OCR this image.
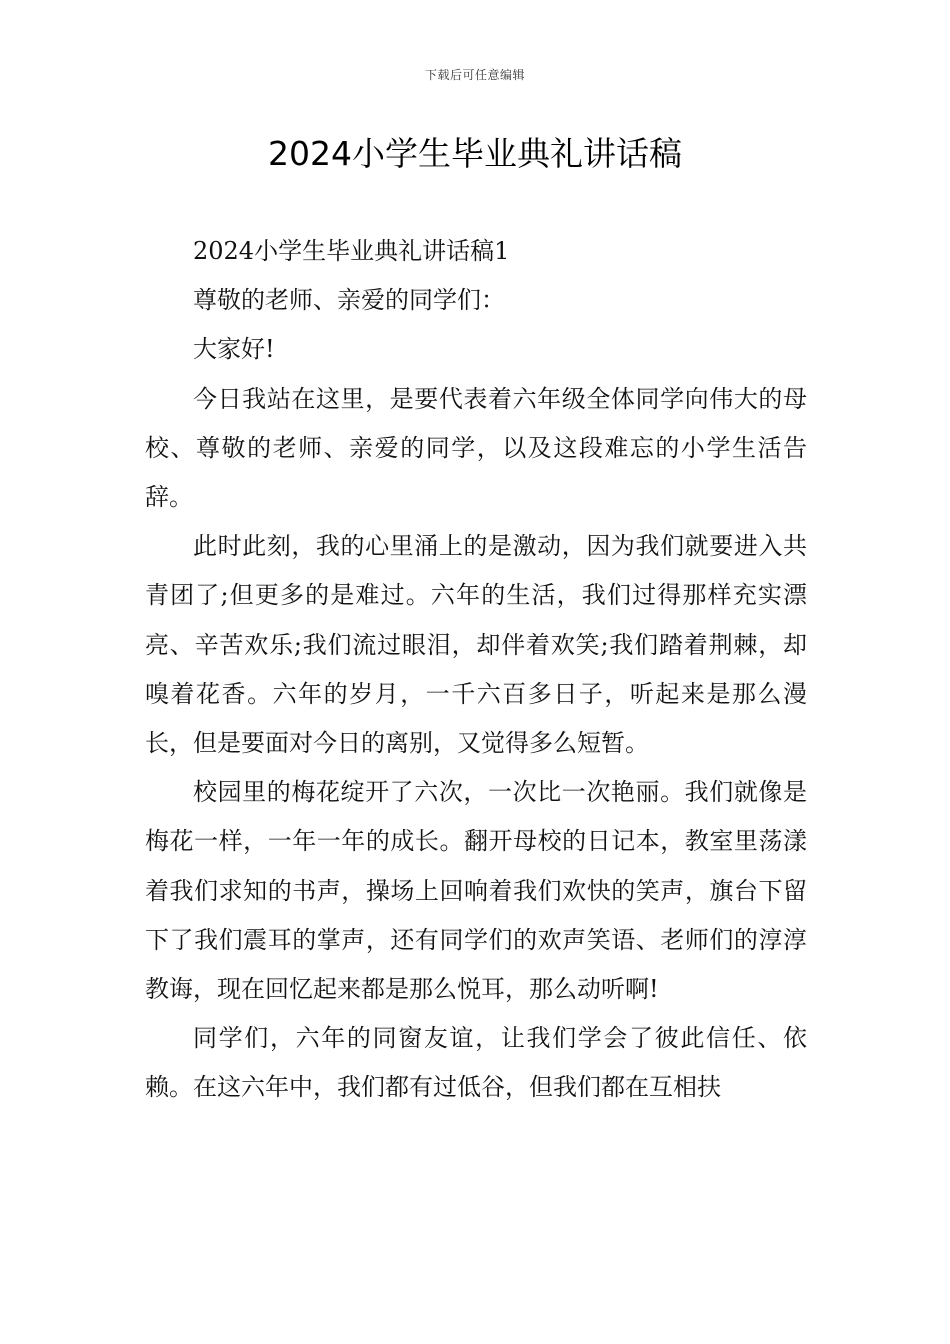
下载后可任意编辑
2024小学生毕业典礼讲话稿

2024小学生毕业典礼讲话稿1

尊敬的老师、亲爱的同学们：

大家好!

今日我站在这里，是要代表着六年级全体同学向伟大的母校、尊敬的老师、亲爱的同学，以及这段难忘的小学生活告辞。

此时此刻，我的心里涌上的是激动，因为我们就要进入共青团了;但更多的是难过。六年的生活，我们过得那样充实漂亮、辛苦欢乐;我们流过眼泪，却伴着欢笑;我们踏着荆棘，却嗅着花香。六年的岁月，一千六百多日子，听起来是那么漫长，但是要面对今日的离别，又觉得多么短暂。

校园里的梅花绽开了六次，一次比一次艳丽。我们就像是梅花一样，一年一年的成长。翻开母校的日记本，教室里荡漾着我们求知的书声，操场上回响着我们欢快的笑声，旗台下留下了我们震耳的掌声，还有同学们的欢声笑语、老师们的淳淳教诲，现在回忆起来都是那么悦耳，那么动听啊!

同学们，六年的同窗友谊，让我们学会了彼此信任、依赖。在这六年中，我们都有过低谷，但我们都在互相扶
